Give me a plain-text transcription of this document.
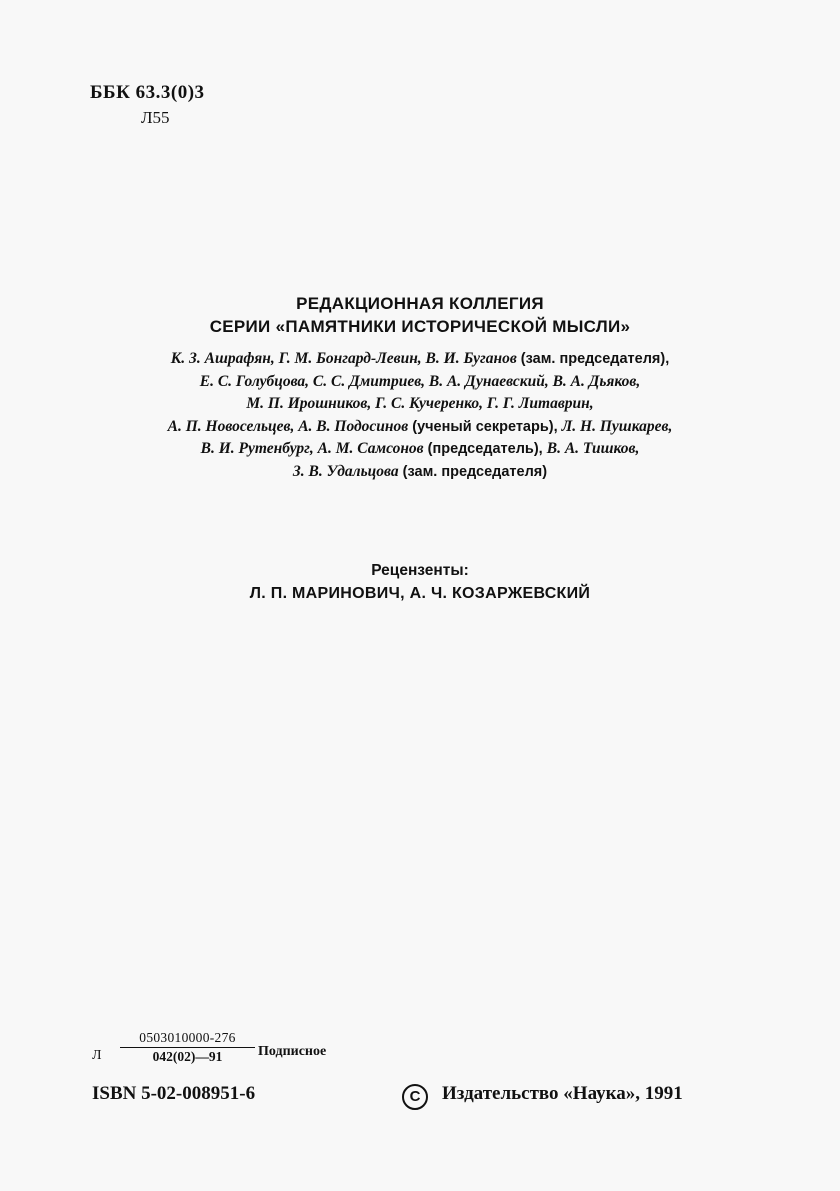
ББК 63.3(0)3
Л55
РЕДАКЦИОННАЯ КОЛЛЕГИЯ
СЕРИИ «ПАМЯТНИКИ ИСТОРИЧЕСКОЙ МЫСЛИ»
К. З. Ашрафян, Г. М. Бонгард-Левин, В. И. Буганов (зам. председателя),
Е. С. Голубцова, С. С. Дмитриев, В. А. Дунаевский, В. А. Дьяков,
М. П. Ирошников, Г. С. Кучеренко, Г. Г. Литаврин,
А. П. Новосельцев, А. В. Подосинов (ученый секретарь), Л. Н. Пушкарев,
В. И. Рутенбург, А. М. Самсонов (председатель), В. А. Тишков,
З. В. Удальцова (зам. председателя)
Рецензенты:
Л. П. МАРИНОВИЧ, А. Ч. КОЗАРЖЕВСКИЙ
Л $\frac{0503010000-276}{042(02)—91}$ Подписное
ISBN 5-02-008951-6	C Издательство «Наука», 1991
